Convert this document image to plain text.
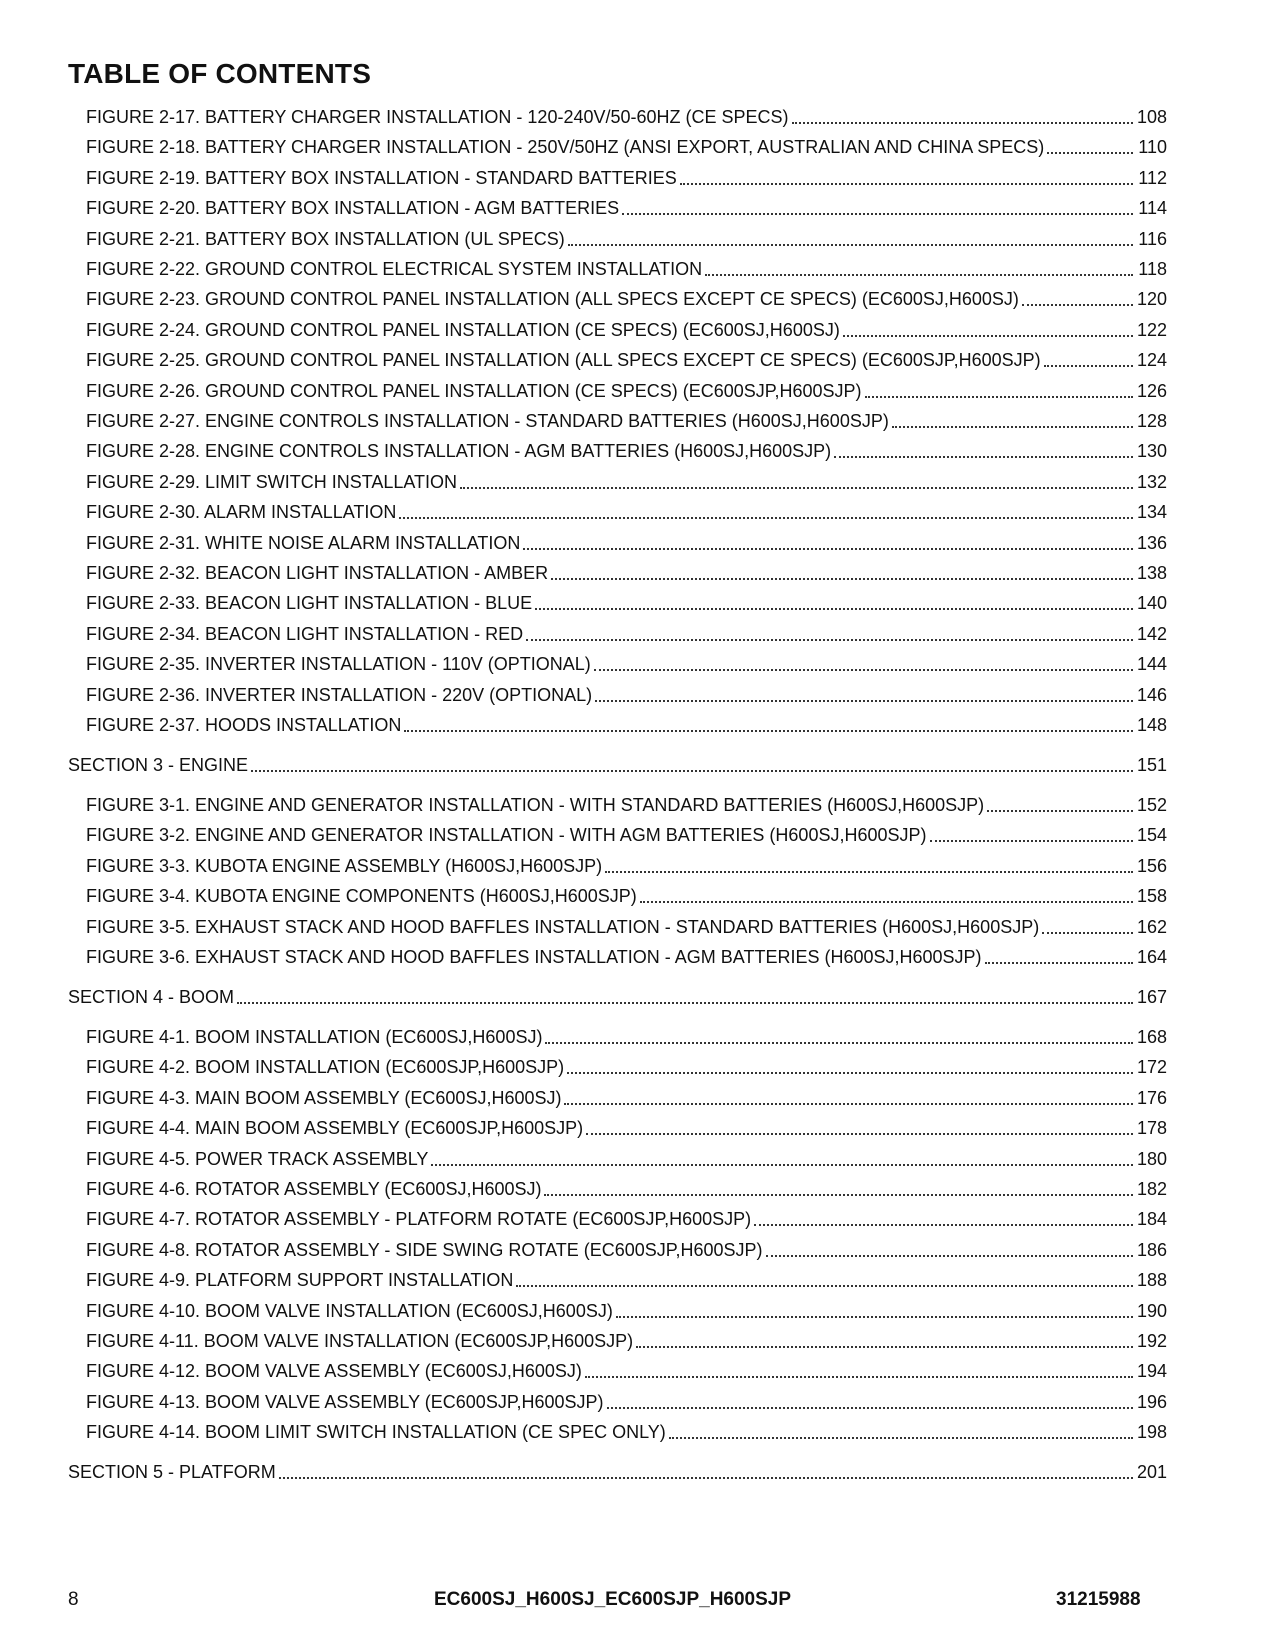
TABLE OF CONTENTS
FIGURE 2-17. BATTERY CHARGER INSTALLATION - 120-240V/50-60HZ (CE SPECS)	108
FIGURE 2-18. BATTERY CHARGER INSTALLATION - 250V/50HZ (ANSI EXPORT, AUSTRALIAN AND CHINA SPECS)	110
FIGURE 2-19. BATTERY BOX INSTALLATION - STANDARD BATTERIES	112
FIGURE 2-20. BATTERY BOX INSTALLATION - AGM BATTERIES	114
FIGURE 2-21. BATTERY BOX INSTALLATION (UL SPECS)	116
FIGURE 2-22. GROUND CONTROL ELECTRICAL SYSTEM INSTALLATION	118
FIGURE 2-23. GROUND CONTROL PANEL INSTALLATION (ALL SPECS EXCEPT CE SPECS) (EC600SJ,H600SJ)	120
FIGURE 2-24. GROUND CONTROL PANEL INSTALLATION (CE SPECS) (EC600SJ,H600SJ)	122
FIGURE 2-25. GROUND CONTROL PANEL INSTALLATION (ALL SPECS EXCEPT CE SPECS) (EC600SJP,H600SJP)	124
FIGURE 2-26. GROUND CONTROL PANEL INSTALLATION (CE SPECS) (EC600SJP,H600SJP)	126
FIGURE 2-27. ENGINE CONTROLS INSTALLATION - STANDARD BATTERIES (H600SJ,H600SJP)	128
FIGURE 2-28. ENGINE CONTROLS INSTALLATION - AGM BATTERIES (H600SJ,H600SJP)	130
FIGURE 2-29. LIMIT SWITCH INSTALLATION	132
FIGURE 2-30. ALARM INSTALLATION	134
FIGURE 2-31. WHITE NOISE ALARM INSTALLATION	136
FIGURE 2-32. BEACON LIGHT INSTALLATION - AMBER	138
FIGURE 2-33. BEACON LIGHT INSTALLATION - BLUE	140
FIGURE 2-34. BEACON LIGHT INSTALLATION - RED	142
FIGURE 2-35. INVERTER INSTALLATION - 110V (OPTIONAL)	144
FIGURE 2-36. INVERTER INSTALLATION - 220V (OPTIONAL)	146
FIGURE 2-37. HOODS INSTALLATION	148
SECTION 3 - ENGINE	151
FIGURE 3-1. ENGINE AND GENERATOR INSTALLATION - WITH STANDARD BATTERIES (H600SJ,H600SJP)	152
FIGURE 3-2. ENGINE AND GENERATOR INSTALLATION - WITH AGM BATTERIES (H600SJ,H600SJP)	154
FIGURE 3-3. KUBOTA ENGINE ASSEMBLY (H600SJ,H600SJP)	156
FIGURE 3-4. KUBOTA ENGINE COMPONENTS (H600SJ,H600SJP)	158
FIGURE 3-5. EXHAUST STACK AND HOOD BAFFLES INSTALLATION - STANDARD BATTERIES (H600SJ,H600SJP)	162
FIGURE 3-6. EXHAUST STACK AND HOOD BAFFLES INSTALLATION - AGM BATTERIES (H600SJ,H600SJP)	164
SECTION 4 - BOOM	167
FIGURE 4-1. BOOM INSTALLATION (EC600SJ,H600SJ)	168
FIGURE 4-2. BOOM INSTALLATION (EC600SJP,H600SJP)	172
FIGURE 4-3. MAIN BOOM ASSEMBLY (EC600SJ,H600SJ)	176
FIGURE 4-4. MAIN BOOM ASSEMBLY (EC600SJP,H600SJP)	178
FIGURE 4-5. POWER TRACK ASSEMBLY	180
FIGURE 4-6. ROTATOR ASSEMBLY (EC600SJ,H600SJ)	182
FIGURE 4-7. ROTATOR ASSEMBLY - PLATFORM ROTATE (EC600SJP,H600SJP)	184
FIGURE 4-8. ROTATOR ASSEMBLY - SIDE SWING ROTATE (EC600SJP,H600SJP)	186
FIGURE 4-9. PLATFORM SUPPORT INSTALLATION	188
FIGURE 4-10. BOOM VALVE INSTALLATION (EC600SJ,H600SJ)	190
FIGURE 4-11. BOOM VALVE INSTALLATION (EC600SJP,H600SJP)	192
FIGURE 4-12. BOOM VALVE ASSEMBLY (EC600SJ,H600SJ)	194
FIGURE 4-13. BOOM VALVE ASSEMBLY (EC600SJP,H600SJP)	196
FIGURE 4-14. BOOM LIMIT SWITCH INSTALLATION (CE SPEC ONLY)	198
SECTION 5 - PLATFORM	201
8	EC600SJ_H600SJ_EC600SJP_H600SJP	31215988
